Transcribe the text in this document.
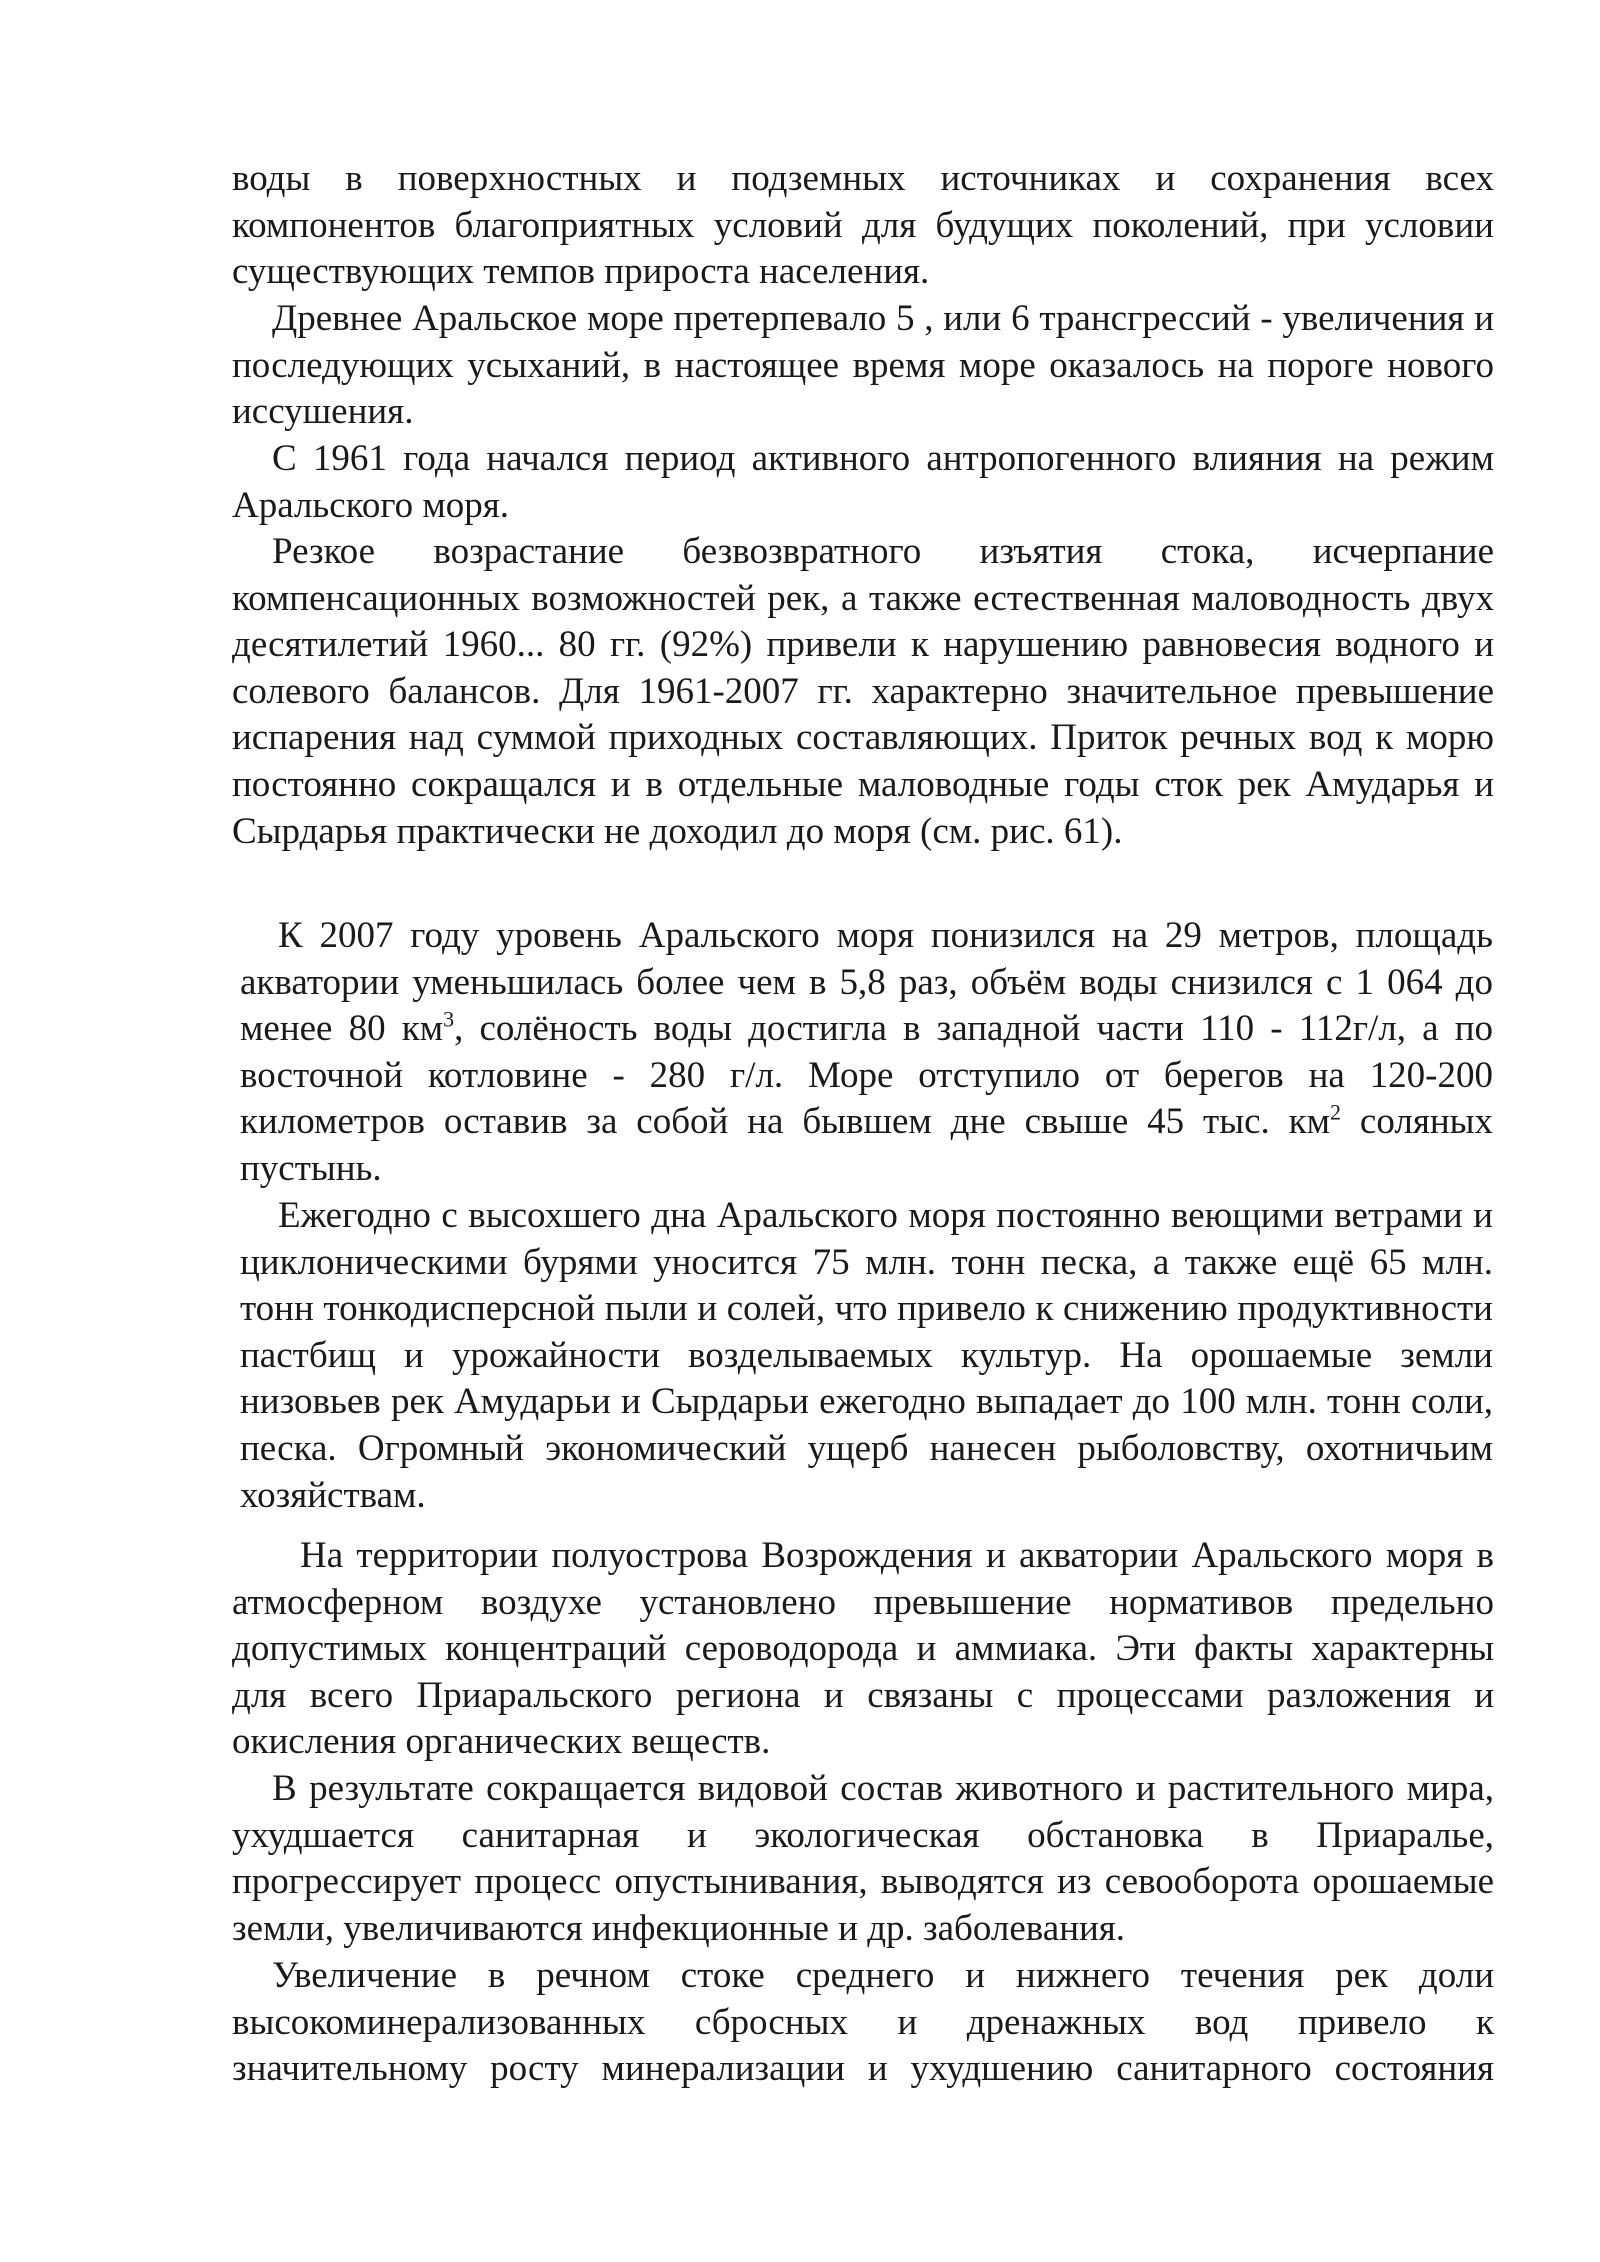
воды в поверхностных и подземных источниках и сохранения всех компонентов благоприятных условий для будущих поколений, при условии существующих темпов прироста населения.

Древнее Аральское море претерпевало 5 , или 6 трансгрессий - увеличения и последующих усыханий, в настоящее время море оказалось на пороге нового иссушения.

С 1961 года начался период активного антропогенного влияния на режим Аральского моря.

Резкое возрастание безвозвратного изъятия стока, исчерпание компенсационных возможностей рек, а также естественная маловодность двух десятилетий 1960... 80 гг. (92%) привели к нарушению равновесия водного и солевого балансов. Для 1961-2007 гг. характерно значительное превышение испарения над суммой приходных составляющих. Приток речных вод к морю постоянно сокращался и в отдельные маловодные годы сток рек Амударья и Сырдарья практически не доходил до моря (см. рис. 61).

К 2007 году уровень Аральского моря понизился на 29 метров, площадь акватории уменьшилась более чем в 5,8 раз, объём воды снизился с 1 064 до менее 80 $км^3$, солёность воды достигла в западной части 110 - 112г/л, а по восточной котловине - 280 г/л. Море отступило от берегов на 120-200 километров оставив за собой на бывшем дне свыше 45 тыс. $км^2$ соляных пустынь.

Ежегодно с высохшего дна Аральского моря постоянно веющими ветрами и циклоническими бурями уносится 75 млн. тонн песка, а также ещё 65 млн. тонн тонкодисперсной пыли и солей, что привело к снижению продуктивности пастбищ и урожайности возделываемых культур. На орошаемые земли низовьев рек Амударьи и Сырдарьи ежегодно выпадает до 100 млн. тонн соли, песка. Огромный экономический ущерб нанесен рыболовству, охотничьим хозяйствам.

На территории полуострова Возрождения и акватории Аральского моря в атмосферном воздухе установлено превышение нормативов предельно допустимых концентраций сероводорода и аммиака. Эти факты характерны для всего Приаральского региона и связаны с процессами разложения и окисления органических веществ.

В результате сокращается видовой состав животного и растительного мира, ухудшается санитарная и экологическая обстановка в Приаралье, прогрессирует процесс опустынивания, выводятся из севооборота орошаемые земли, увеличиваются инфекционные и др. заболевания.

Увеличение в речном стоке среднего и нижнего течения рек доли высокоминерализованных сбросных и дренажных вод привело к значительному росту минерализации и ухудшению санитарного состояния
